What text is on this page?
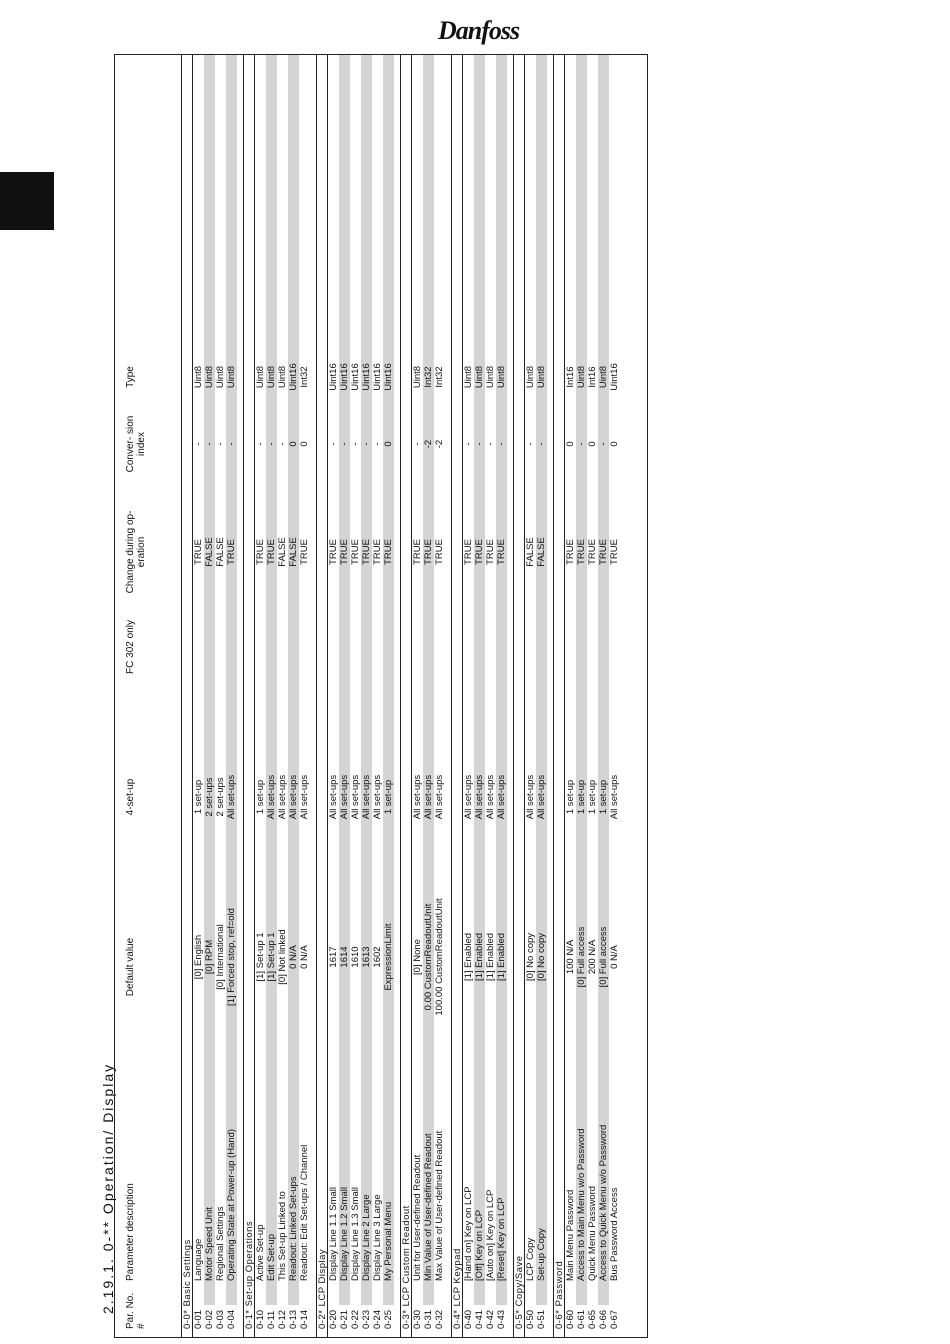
Danfoss
2.19.1. 0-** Operation/ Display Par. No. #
Parameter description
Default value
4-set-up
FC 302 only
Change during op- eration
Conver- sion index
Type
0-0* Basic Settings 0-01
Language
[0] English
1 set-up
TRUE
-
Uint8
0-02
Motor Speed Unit
[0] RPM
2 set-ups
FALSE
-
Uint8
0-03
Regional Settings
[0] International
2 set-ups
FALSE
-
Uint8
0-04
Operating State at Power-up (Hand)
[1] Forced stop, ref=old
All set-ups
TRUE
-
Uint8
0-1* Set-up Operations 0-10
Active Set-up
[1] Set-up 1
1 set-up
TRUE
-
Uint8
0-11
Edit Set-up
[1] Set-up 1
All set-ups
TRUE
-
Uint8
0-12
This Set-up Linked to
[0] Not linked
All set-ups
FALSE
-
Uint8
0-13
Readout: Linked Set-ups
0 N/A
All set-ups
FALSE
0
Uint16
0-14
Readout: Edit Set-ups / Channel
0 N/A
All set-ups
TRUE
0
Int32
0-2* LCP Display 0-20
Display Line 1.1 Small
1617
All set-ups
TRUE
-
Uint16
0-21
Display Line 1.2 Small
1614
All set-ups
TRUE
-
Uint16
0-22
Display Line 1.3 Small
1610
All set-ups
TRUE
-
Uint16
0-23
Display Line 2 Large
1613
All set-ups
TRUE
-
Uint16
0-24
Display Line 3 Large
1602
All set-ups
TRUE
-
Uint16
0-25
My Personal Menu
ExpressionLimit
1 set-up
TRUE
0
Uint16
0-3* LCP Custom Readout 0-30
Unit for User-defined Readout
[0] None
All set-ups
TRUE
-
Uint8
0-31
Min Value of User-defined Readout
0.00 CustomReadoutUnit
All set-ups
TRUE
-2
Int32
0-32
Max Value of User-defined Readout
100.00 CustomReadoutUnit
All set-ups
TRUE
-2
Int32
0-4* LCP Keypad 0-40
[Hand on] Key on LCP
[1] Enabled
All set-ups
TRUE
-
Uint8
0-41
[Off] Key on LCP
[1] Enabled
All set-ups
TRUE
-
Uint8
0-42
[Auto on] Key on LCP
[1] Enabled
All set-ups
TRUE
-
Uint8
0-43
[Reset] Key on LCP
[1] Enabled
All set-ups
TRUE
-
Uint8
0-5* Copy/Save 0-50
LCP Copy
[0] No copy
All set-ups
FALSE
-
Uint8
0-51
Set-up Copy
[0] No copy
All set-ups
FALSE
-
Uint8
0-6* Password 0-60
Main Menu Password
100 N/A
1 set-up
TRUE
0
Int16
0-61
Access to Main Menu w/o Password
[0] Full access
1 set-up
TRUE
-
Uint8
0-65
Quick Menu Password
200 N/A
1 set-up
TRUE
0
Int16
0-66
Access to Quick Menu w/o Password
[0] Full access
1 set-up
TRUE
-
Uint8
0-67
Bus Password Access
0 N/A
All set-ups
TRUE
0
Uint16
